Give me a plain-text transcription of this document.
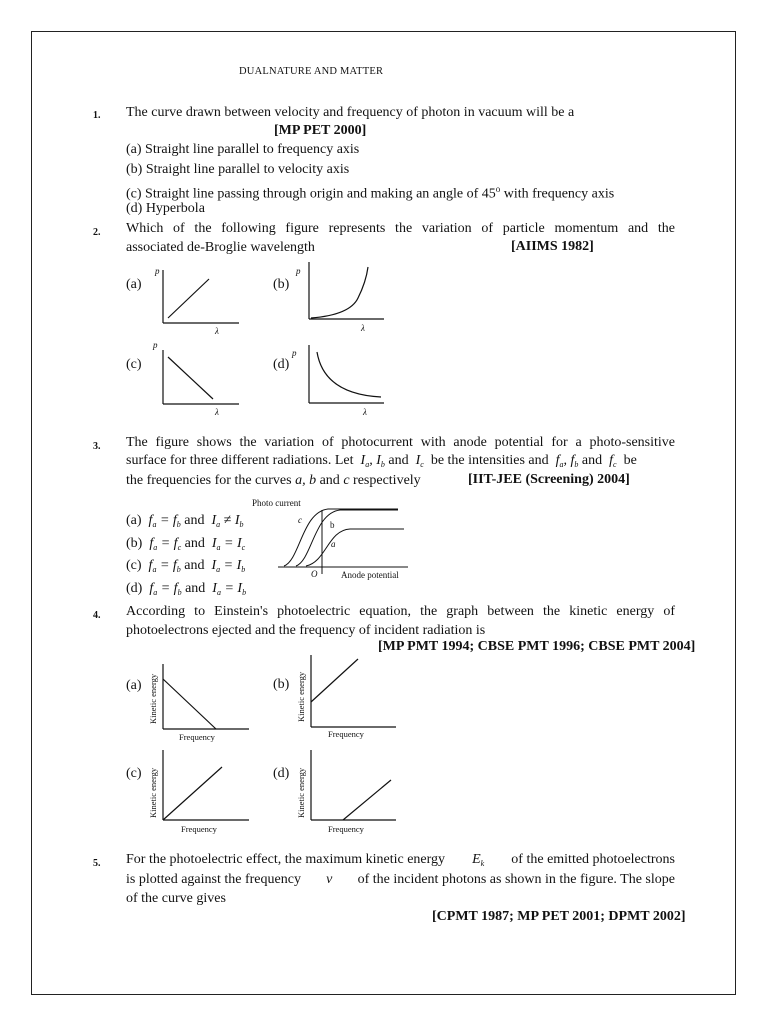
DUALNATURE AND MATTER
1. The curve drawn between velocity and frequency of photon in vacuum will be a
[MP PET 2000]
(a) Straight line parallel to frequency axis
(b) Straight line parallel to velocity axis
(c) Straight line passing through origin and making an angle of 45$^o$ with frequency axis
(d) Hyperbola
2. Which of the following figure represents the variation of particle momentum and the
associated de-Broglie wavelength	[AIIMS 1982]
(a)	(b)
(c)	(d)
p
λ
p
λ
p
λ
p
λ
3. The figure shows the variation of photocurrent with anode potential for a photo-sensitive
surface for three different radiations. Let  $I_a$, $I_b$ and  $I_c$ be the intensities and  $f_a$, $f_b$ and  $f_c$ be
the frequencies for the curves a, b and c respectively	[IIT-JEE (Screening) 2004]
(a) $f_a = f_b$ and  $I_a \ne I_b$
(b) $f_a = f_c$ and  $I_a = I_c$
(c) $f_a = f_b$ and  $I_a = I_b$
(d) $f_a = f_b$ and  $I_a = I_b$
Photo current
Anode potential
O
c	b
a
4. According to Einstein's photoelectric equation, the graph between the kinetic energy of
photoelectrons ejected and the frequency of incident radiation is
[MP PMT 1994; CBSE PMT 1996; CBSE PMT 2004]
(a)	(b)
(c)	(d)
Kinetic energy
Frequency
Kinetic energy
Frequency
Kinetic energy
Frequency
Kinetic energy
Frequency
5. For the photoelectric effect, the maximum kinetic energy $E_k$ of the emitted photoelectrons
is plotted against the frequency ν of the incident photons as shown in the figure. The slope
of the curve gives
[CPMT 1987; MP PET 2001; DPMT 2002]
